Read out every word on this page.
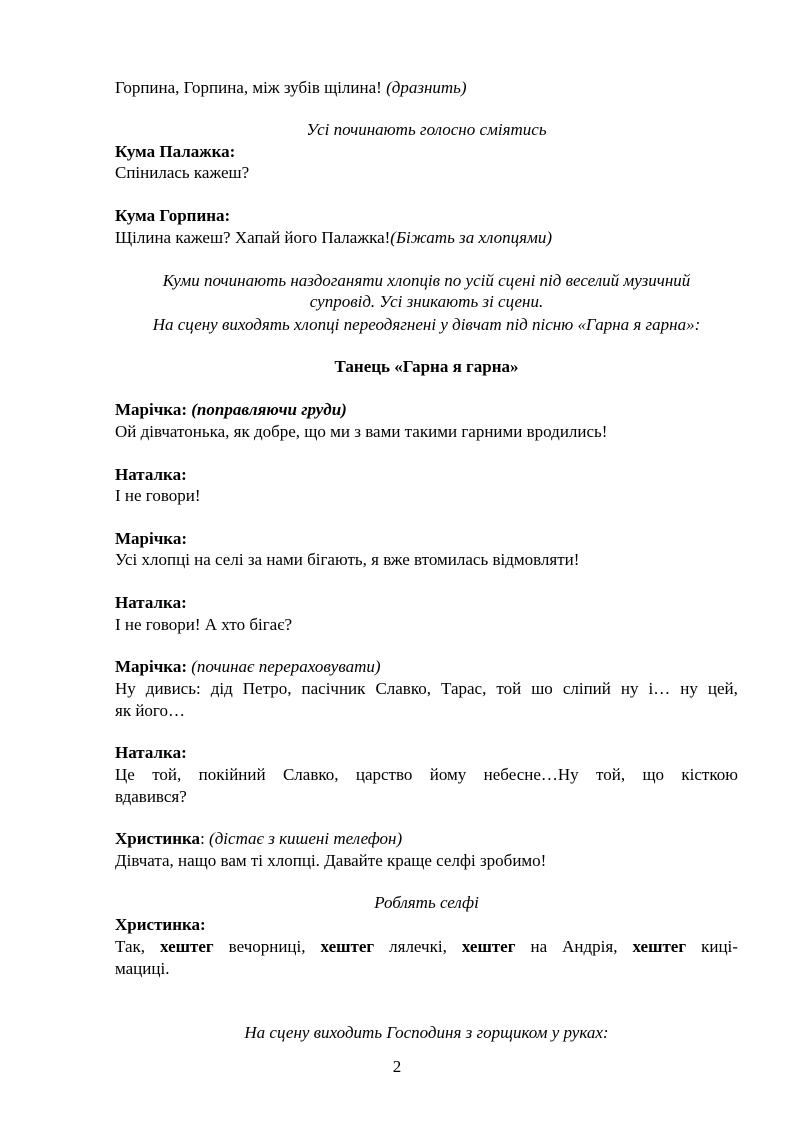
Горпина, Горпина, між зубів щілина! (дразнить)
Усі починають голосно сміятись
Кума Палажка:
Спінилась кажеш?
Кума Горпина:
Щілина кажеш? Хапай його Палажка!(Біжать за хлопцями)
Куми починають наздоганяти хлопців по усій сцені під веселий музичний
супровід. Усі зникають зі сцени.
На сцену виходять хлопці переодягнені у дівчат під пісню «Гарна я гарна»:
Танець «Гарна я гарна»
Марічка: (поправляючи груди)
Ой дівчатонька, як добре, що ми з вами такими гарними вродились!
Наталка:
І не говори!
Марічка:
Усі хлопці на селі за нами бігають, я вже втомилась відмовляти!
Наталка:
І не говори! А хто бігає?
Марічка: (починає перераховувати)
Ну дивись: дід Петро, пасічник Славко, Тарас, той шо сліпий ну і… ну цей,
як його…
Наталка:
Це той, покійний Славко, царство йому небесне…Ну той, що кісткою
вдавився?
Христинка: (дістає з кишені телефон)
Дівчата, нащо вам ті хлопці. Давайте краще селфі зробимо!
Роблять селфі
Христинка:
Так, хештег вечорниці, хештег лялечкі, хештег на Андрія, хештег киці-
мациці.
На сцену виходить Господиня з горщиком у руках:
2
